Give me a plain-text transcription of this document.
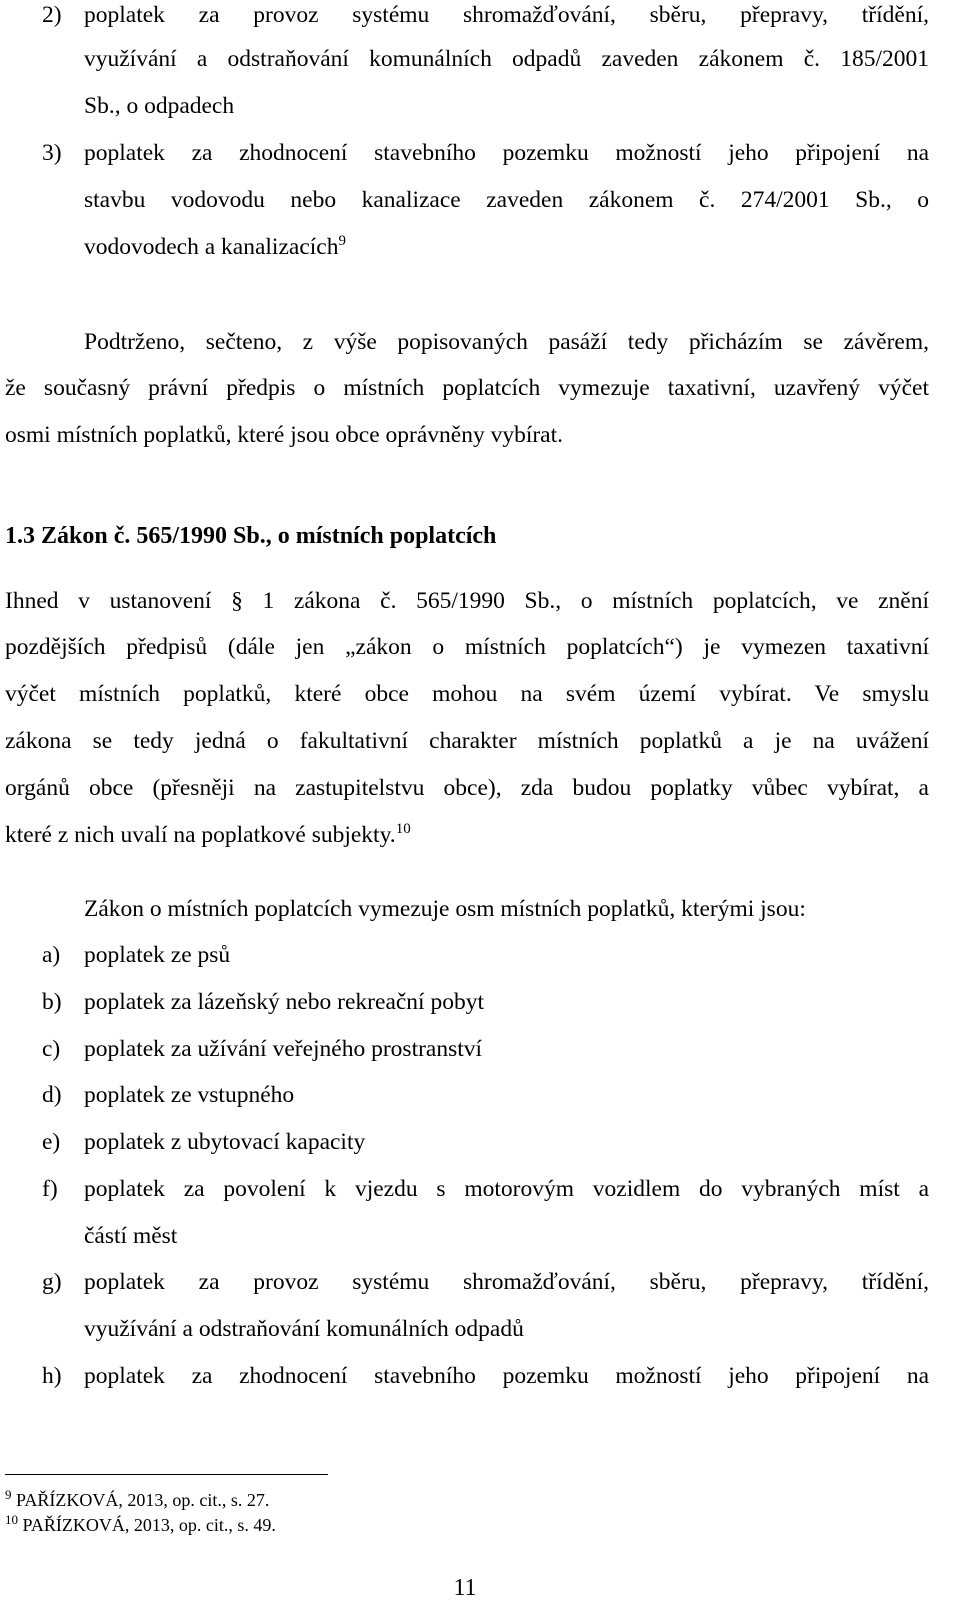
2) poplatek za provoz systému shromažďování, sběru, přepravy, třídění,
využívání a odstraňování komunálních odpadů zaveden zákonem č. 185/2001
Sb., o odpadech
3) poplatek za zhodnocení stavebního pozemku možností jeho připojení na
stavbu vodovodu nebo kanalizace zaveden zákonem č. 274/2001 Sb., o
vodovodech a kanalizacích$^9$
Podtrženo, sečteno, z výše popisovaných pasáží tedy přicházím se závěrem,
že současný právní předpis o místních poplatcích vymezuje taxativní, uzavřený výčet
osmi místních poplatků, které jsou obce oprávněny vybírat.
1.3 Zákon č. 565/1990 Sb., o místních poplatcích
Ihned v ustanovení § 1 zákona č. 565/1990 Sb., o místních poplatcích, ve znění
pozdějších předpisů (dále jen „zákon o místních poplatcích“) je vymezen taxativní
výčet místních poplatků, které obce mohou na svém území vybírat. Ve smyslu
zákona se tedy jedná o fakultativní charakter místních poplatků a je na uvážení
orgánů obce (přesněji na zastupitelstvu obce), zda budou poplatky vůbec vybírat, a
které z nich uvalí na poplatkové subjekty.$^{10}$
Zákon o místních poplatcích vymezuje osm místních poplatků, kterými jsou:
a) poplatek ze psů
b) poplatek za lázeňský nebo rekreační pobyt
c) poplatek za užívání veřejného prostranství
d) poplatek ze vstupného
e) poplatek z ubytovací kapacity
f) poplatek za povolení k vjezdu s motorovým vozidlem do vybraných míst a
částí měst
g) poplatek za provoz systému shromažďování, sběru, přepravy, třídění,
využívání a odstraňování komunálních odpadů
h) poplatek za zhodnocení stavebního pozemku možností jeho připojení na
$^9$ PAŘÍZKOVÁ, 2013, op. cit., s. 27.
$^{10}$ PAŘÍZKOVÁ, 2013, op. cit., s. 49.
11
